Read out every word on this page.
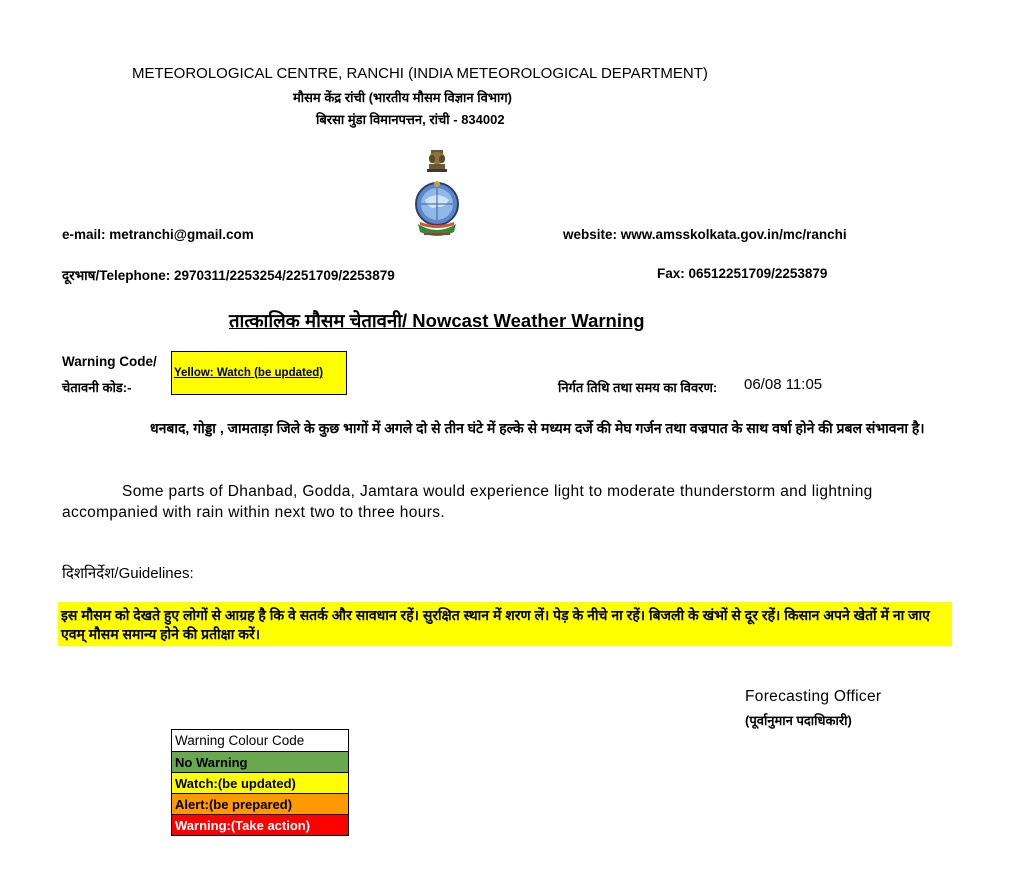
METEOROLOGICAL CENTRE, RANCHI (INDIA METEOROLOGICAL DEPARTMENT)
मौसम केंद्र रांची (भारतीय मौसम विज्ञान विभाग)
बिरसा मुंडा विमानपत्तन, रांची - 834002
e-mail: metranchi@gmail.com	website: www.amsskolkata.gov.in/mc/ranchi
दूरभाष/Telephone: 2970311/2253254/2251709/2253879	Fax: 06512251709/2253879
तात्कालिक मौसम चेतावनी/ Nowcast Weather Warning
Warning Code/
चेतावनी कोड:-
Yellow: Watch (be updated)
निर्गत तिथि तथा समय का विवरण: 06/08 11:05
धनबाद, गोड्डा , जामताड़ा जिले के कुछ भागों में अगले दो से तीन घंटे में हल्के से मध्यम दर्जे की मेघ गर्जन तथा वज्रपात के साथ वर्षा होने की प्रबल संभावना है।
Some parts of Dhanbad, Godda, Jamtara would experience light to moderate thunderstorm and lightning accompanied with rain within next two to three hours.
दिशनिर्देश/Guidelines:
इस मौसम को देखते हुए लोगों से आग्रह है कि वे सतर्क और सावधान रहें। सुरक्षित स्थान में शरण लें। पेड़ के नीचे ना रहें। बिजली के खंभों से दूर रहें। किसान अपने खेतों में ना जाए एवम् मौसम समान्य होने की प्रतीक्षा करें।
Forecasting Officer
(पूर्वानुमान पदाधिकारी)
Warning Colour Code
No Warning
Watch:(be updated)
Alert:(be prepared)
Warning:(Take action)
